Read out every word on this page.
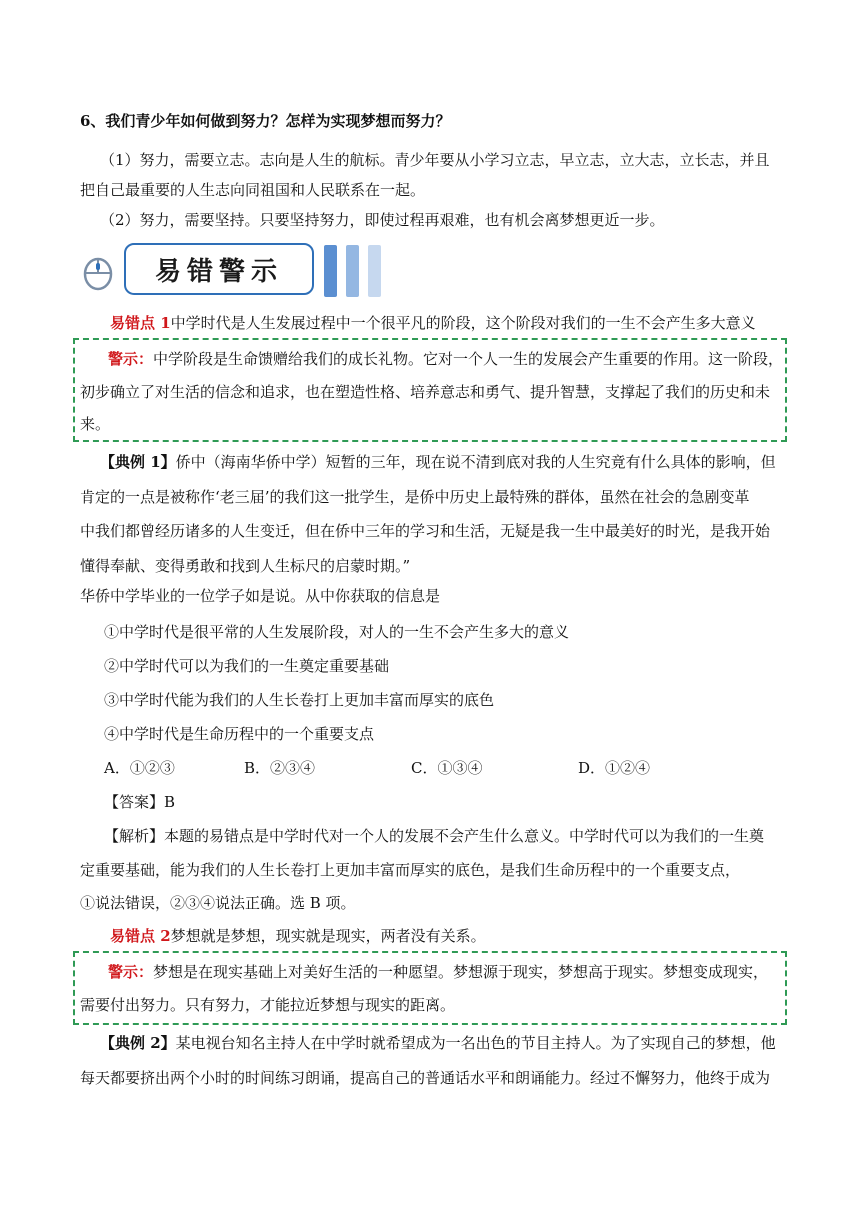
6、我们青少年如何做到努力？怎样为实现梦想而努力？
（1）努力，需要立志。志向是人生的航标。青少年要从小学习立志，早立志，立大志，立长志，并且
把自己最重要的人生志向同祖国和人民联系在一起。
（2）努力，需要坚持。只要坚持努力，即使过程再艰难，也有机会离梦想更近一步。
易错警示
易错点 1中学时代是人生发展过程中一个很平凡的阶段，这个阶段对我们的一生不会产生多大意义
警示：中学阶段是生命馈赠给我们的成长礼物。它对一个人一生的发展会产生重要的作用。这一阶段，
初步确立了对生活的信念和追求，也在塑造性格、培养意志和勇气、提升智慧，支撑起了我们的历史和未
来。
【典例 1】侨中（海南华侨中学）短暂的三年，现在说不清到底对我的人生究竟有什么具体的影响，但
肯定的一点是被称作‘老三届’的我们这一批学生，是侨中历史上最特殊的群体，虽然在社会的急剧变革
中我们都曾经历诸多的人生变迁，但在侨中三年的学习和生活，无疑是我一生中最美好的时光，是我开始
懂得奉献、变得勇敢和找到人生标尺的启蒙时期。”
华侨中学毕业的一位学子如是说。从中你获取的信息是
①中学时代是很平常的人生发展阶段，对人的一生不会产生多大的意义
②中学时代可以为我们的一生奠定重要基础
③中学时代能为我们的人生长卷打上更加丰富而厚实的底色
④中学时代是生命历程中的一个重要支点
A．①②③	B．②③④	C．①③④	D．①②④
【答案】B
【解析】本题的易错点是中学时代对一个人的发展不会产生什么意义。中学时代可以为我们的一生奠
定重要基础，能为我们的人生长卷打上更加丰富而厚实的底色，是我们生命历程中的一个重要支点，
①说法错误，②③④说法正确。选 B 项。
易错点 2梦想就是梦想，现实就是现实，两者没有关系。
警示：梦想是在现实基础上对美好生活的一种愿望。梦想源于现实，梦想高于现实。梦想变成现实，
需要付出努力。只有努力，才能拉近梦想与现实的距离。
【典例 2】某电视台知名主持人在中学时就希望成为一名出色的节目主持人。为了实现自己的梦想，他
每天都要挤出两个小时的时间练习朗诵，提高自己的普通话水平和朗诵能力。经过不懈努力，他终于成为
